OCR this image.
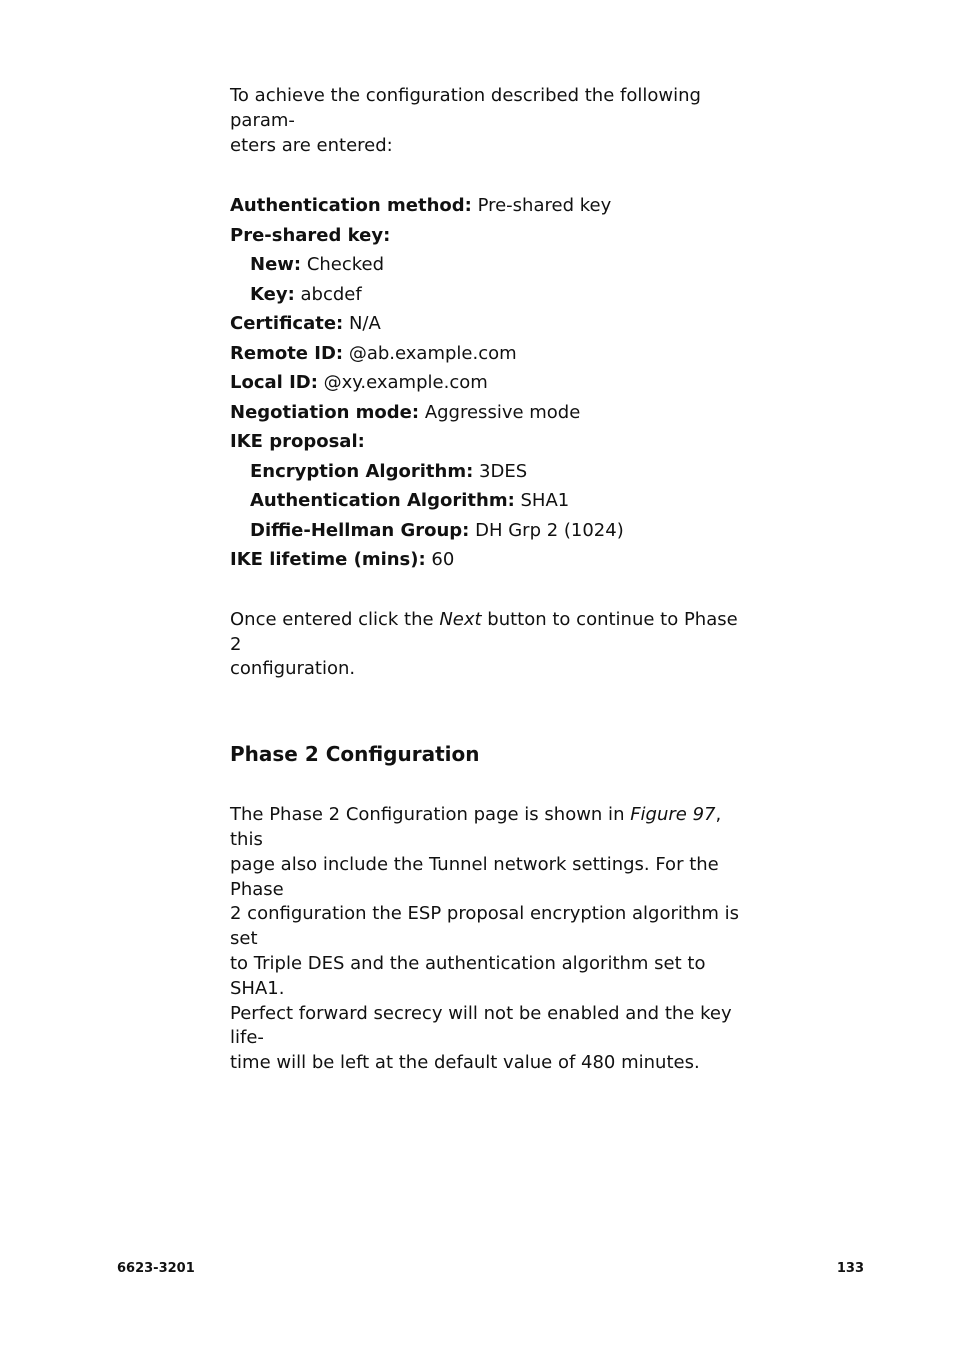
To achieve the configuration described the following param-
eters are entered:

Authentication method: Pre-shared key
Pre-shared key:
New: Checked
Key: abcdef
Certificate: N/A
Remote ID: @ab.example.com
Local ID: @xy.example.com
Negotiation mode: Aggressive mode
IKE proposal:
Encryption Algorithm: 3DES
Authentication Algorithm: SHA1
Diffie-Hellman Group: DH Grp 2 (1024)
IKE lifetime (mins): 60

Once entered click the Next button to continue to Phase 2
configuration.

Phase 2 Configuration

The Phase 2 Configuration page is shown in Figure 97, this
page also include the Tunnel network settings. For the Phase
2 configuration the ESP proposal encryption algorithm is set
to Triple DES and the authentication algorithm set to SHA1.
Perfect forward secrecy will not be enabled and the key life-
time will be left at the default value of 480 minutes.

6623-3201	133
